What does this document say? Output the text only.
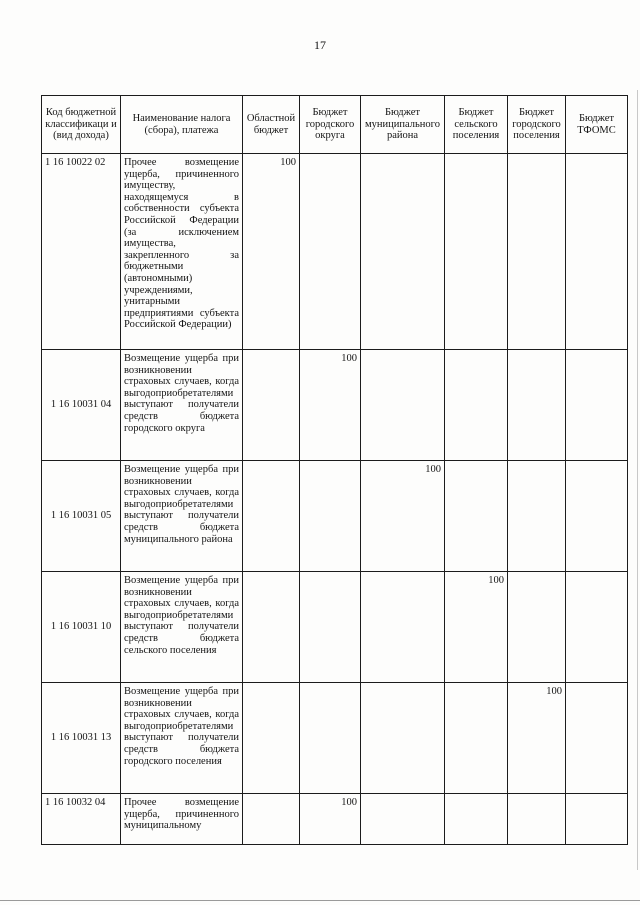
17
Код бюджетной классификаци и (вид дохода)	Наименование налога (сбора), платежа	Областной бюджет	Бюджет городского округа	Бюджет муниципального района	Бюджет сельского поселения	Бюджет городского поселения	Бюджет ТФОМС
1 16 10022 02	Прочее возмещение ущерба, причиненного имуществу, находящемуся в собственности субъекта Российской Федерации (за исключением имущества, закрепленного за бюджетными (автономными) учреждениями, унитарными предприятиями субъекта Российской Федерации)	100					
1 16 10031 04	Возмещение ущерба при возникновении страховых случаев, когда выгодоприобретателями выступают получатели средств бюджета городского округа		100				
1 16 10031 05	Возмещение ущерба при возникновении страховых случаев, когда выгодоприобретателями выступают получатели средств бюджета муниципального района			100			
1 16 10031 10	Возмещение ущерба при возникновении страховых случаев, когда выгодоприобретателями выступают получатели средств бюджета сельского поселения				100		
1 16 10031 13	Возмещение ущерба при возникновении страховых случаев, когда выгодоприобретателями выступают получатели средств бюджета городского поселения					100	
1 16 10032 04	Прочее возмещение ущерба, причиненного муниципальному		100				
